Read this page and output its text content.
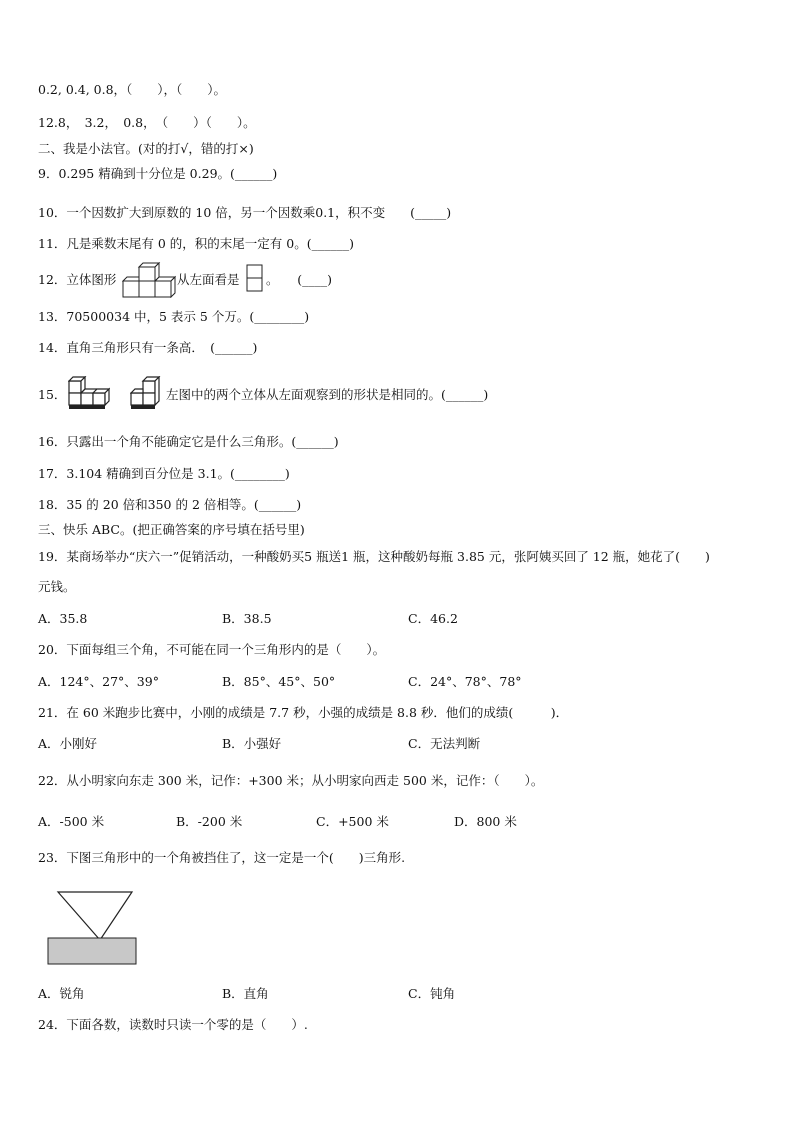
0.2, 0.4, 0.8，（　　），（　　）。
12.8，　3.2，　0.8，　（　　）（　　）。
二、我是小法官。(对的打√，错的打×)
9．0.295 精确到十分位是 0.29。(______)
10．一个因数扩大到原数的 10 倍，另一个因数乘0.1，积不变　　(_____)
11．凡是乘数末尾有 0 的，积的末尾一定有 0。(______)
12．立体图形	从左面看是 。　　(____)
13．70500034 中，5 表示 5 个万。(________)
14．直角三角形只有一条高．　(______)
15．	左图中的两个立体从左面观察到的形状是相同的。(______)
16．只露出一个角不能确定它是什么三角形。(______)
17．3.104 精确到百分位是 3.1。(________)
18．35 的 20 倍和350 的 2 倍相等。(______)
三、快乐 ABC。(把正确答案的序号填在括号里)
19．某商场举办“庆六一”促销活动，一种酸奶买5 瓶送1 瓶，这种酸奶每瓶 3.85 元，张阿姨买回了 12 瓶，她花了(　　)
元钱。
A．35.8	B．38.5	C．46.2
20．下面每组三个角，不可能在同一个三角形内的是（　　）。
A．124°、27°、39°	B．85°、45°、50°	C．24°、78°、78°
21．在 60 米跑步比赛中，小刚的成绩是 7.7 秒，小强的成绩是 8.8 秒．他们的成绩(　　　)．
A．小刚好	B．小强好	C．无法判断
22．从小明家向东走 300 米，记作：+300 米；从小明家向西走 500 米，记作：（　　）。
A．-500 米	B．-200 米	C．+500 米	D．800 米
23．下图三角形中的一个角被挡住了，这一定是一个(　　)三角形.
A．锐角	B．直角	C．钝角
24．下面各数，读数时只读一个零的是（　　）.
